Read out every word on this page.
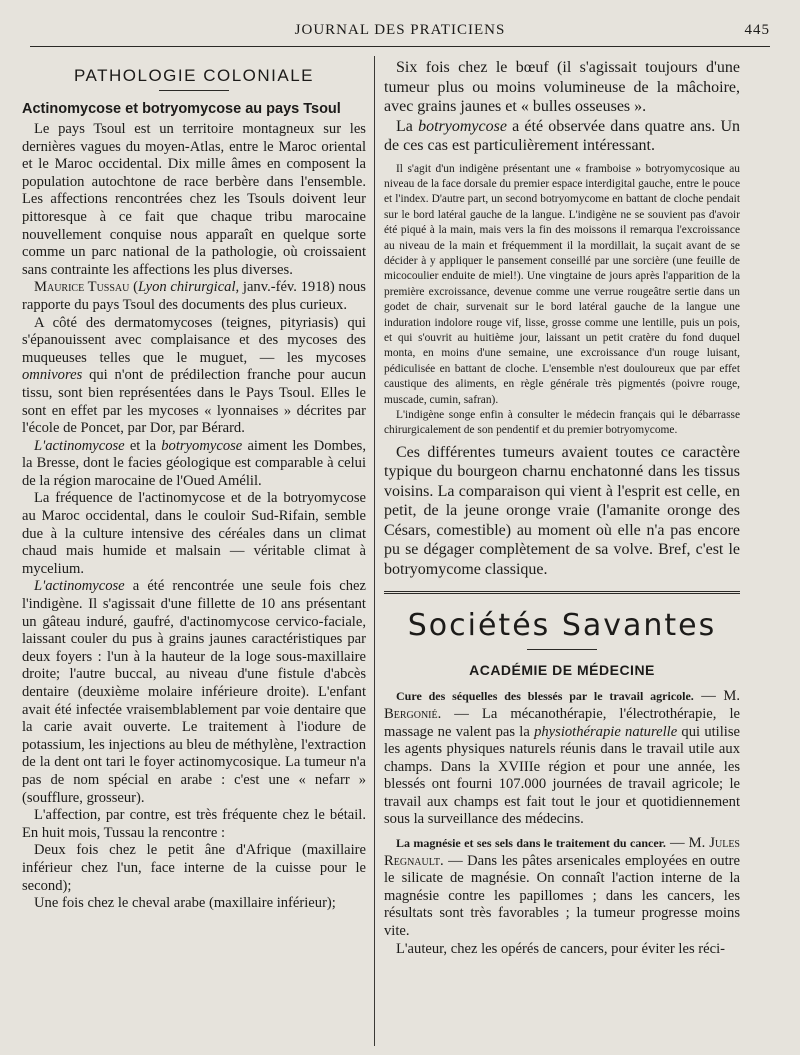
JOURNAL DES PRATICIENS	445
PATHOLOGIE COLONIALE
Actinomycose et botryomycose au pays Tsoul

Le pays Tsoul est un territoire montagneux sur les dernières vagues du moyen-Atlas, entre le Maroc oriental et le Maroc occidental. Dix mille âmes en composent la population autochtone de race berbère dans l'ensemble. Les affections rencontrées chez les Tsouls doivent leur pittoresque à ce fait que chaque tribu marocaine nouvellement conquise nous apparaît en quelque sorte comme un parc national de la pathologie, où croissaient sans contrainte les affections les plus diverses.

Maurice Tussau (Lyon chirurgical, janv.-fév. 1918) nous rapporte du pays Tsoul des documents des plus curieux.

A côté des dermatomycoses (teignes, pityriasis) qui s'épanouissent avec complaisance et des mycoses des muqueuses telles que le muguet, — les mycoses omnivores qui n'ont de prédilection franche pour aucun tissu, sont bien représentées dans le Pays Tsoul. Elles le sont en effet par les mycoses « lyonnaises » décrites par l'école de Poncet, par Dor, par Bérard.

L'actinomycose et la botryomycose aiment les Dombes, la Bresse, dont le facies géologique est comparable à celui de la région marocaine de l'Oued Amélil.

La fréquence de l'actinomycose et de la botryomycose au Maroc occidental, dans le couloir Sud-Rifain, semble due à la culture intensive des céréales dans un climat chaud mais humide et malsain — véritable climat à mycelium.

L'actinomycose a été rencontrée une seule fois chez l'indigène. Il s'agissait d'une fillette de 10 ans présentant un gâteau induré, gaufré, d'actinomycose cervico-faciale, laissant couler du pus à grains jaunes caractéristiques par deux foyers : l'un à la hauteur de la loge sous-maxillaire droite; l'autre buccal, au niveau d'une fistule d'abcès dentaire (deuxième molaire inférieure droite). L'enfant avait été infectée vraisemblablement par voie dentaire que la carie avait ouverte. Le traitement à l'iodure de potassium, les injections au bleu de méthylène, l'extraction de la dent ont tari le foyer actinomycosique. La tumeur n'a pas de nom spécial en arabe : c'est une « nefarr » (soufflure, grosseur).

L'affection, par contre, est très fréquente chez le bétail. En huit mois, Tussau la rencontre :

Deux fois chez le petit âne d'Afrique (maxillaire inférieur chez l'un, face interne de la cuisse pour le second);

Une fois chez le cheval arabe (maxillaire inférieur);

Six fois chez le bœuf (il s'agissait toujours d'une tumeur plus ou moins volumineuse de la mâchoire, avec grains jaunes et « bulles osseuses ».

La botryomycose a été observée dans quatre ans. Un de ces cas est particulièrement intéressant.

Il s'agit d'un indigène présentant une « framboise » botryomycosique au niveau de la face dorsale du premier espace interdigital gauche, entre le pouce et l'index. D'autre part, un second botryomycome en battant de cloche pendait sur le bord latéral gauche de la langue. L'indigène ne se souvient pas d'avoir été piqué à la main, mais vers la fin des moissons il remarqua l'excroissance au niveau de la main et fréquemment il la mordillait, la suçait avant de se décider à y appliquer le pansement conseillé par une sorcière (une feuille de micocoulier enduite de miel!). Une vingtaine de jours après l'apparition de la première excroissance, devenue comme une verrue rougeâtre sertie dans un godet de chair, survenait sur le bord latéral gauche de la langue une induration indolore rouge vif, lisse, grosse comme une lentille, puis un pois, et qui s'ouvrit au huitième jour, laissant un petit cratère du fond duquel monta, en moins d'une semaine, une excroissance d'un rouge luisant, pédiculisée en battant de cloche. L'ensemble n'est douloureux que par effet caustique des aliments, en règle générale très pigmentés (poivre rouge, muscade, cumin, safran).

L'indigène songe enfin à consulter le médecin français qui le débarrasse chirurgicalement de son pendentif et du premier botryomycome.

Ces différentes tumeurs avaient toutes ce caractère typique du bourgeon charnu enchatonné dans les tissus voisins. La comparaison qui vient à l'esprit est celle, en petit, de la jeune oronge vraie (l'amanite oronge des Césars, comestible) au moment où elle n'a pas encore pu se dégager complètement de sa volve. Bref, c'est le botryomycome classique.

Sociétés Savantes
ACADÉMIE DE MÉDECINE

Cure des séquelles des blessés par le travail agricole. — M. Bergonié. — La mécanothérapie, l'électrothérapie, le massage ne valent pas la physiothérapie naturelle qui utilise les agents physiques naturels réunis dans le travail utile aux champs. Dans la XVIIIe région et pour une année, les blessés ont fourni 107.000 journées de travail agricole; le travail aux champs est fait tout le jour et quotidiennement sous la surveillance des médecins.

La magnésie et ses sels dans le traitement du cancer. — M. Jules Regnault. — Dans les pâtes arsenicales employées en outre le silicate de magnésie. On connaît l'action interne de la magnésie contre les papillomes ; dans les cancers, les résultats sont très favorables ; la tumeur progresse moins vite.

L'auteur, chez les opérés de cancers, pour éviter les réci-
